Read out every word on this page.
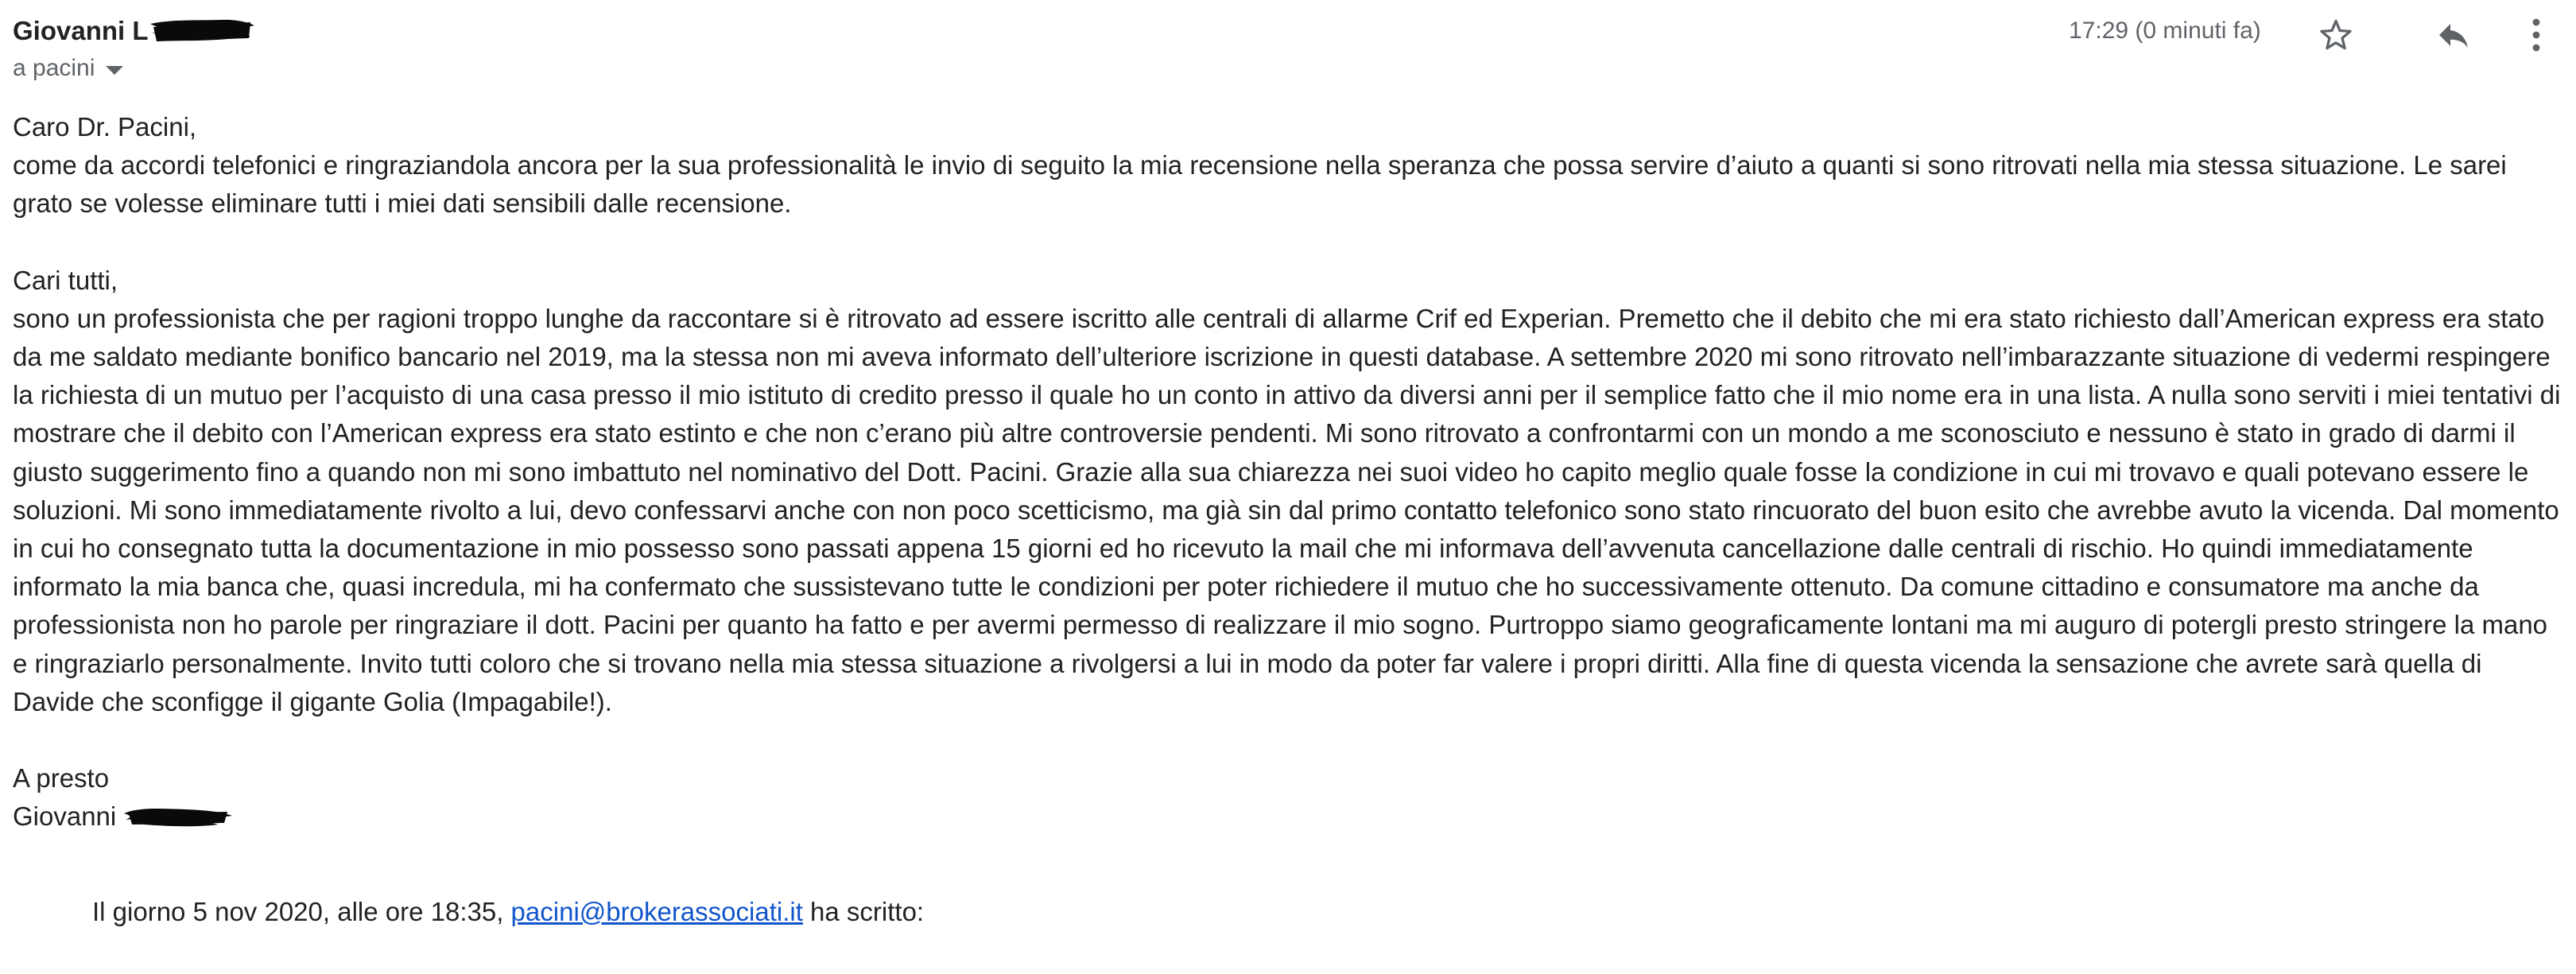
Giovanni L
a pacini
17:29 (0 minuti fa)

Caro Dr. Pacini,

come da accordi telefonici e ringraziandola ancora per la sua professionalità le invio di seguito la mia recensione nella speranza che possa servire d’aiuto a quanti si sono ritrovati nella mia stessa situazione. Le sarei grato se volesse eliminare tutti i miei dati sensibili dalle recensione.

Cari tutti,

sono un professionista che per ragioni troppo lunghe da raccontare si è ritrovato ad essere iscritto alle centrali di allarme Crif ed Experian. Premetto che il debito che mi era stato richiesto dall’American express era stato da me saldato mediante bonifico bancario nel 2019, ma la stessa non mi aveva informato dell’ulteriore iscrizione in questi database. A settembre 2020 mi sono ritrovato nell’imbarazzante situazione di vedermi respingere la richiesta di un mutuo per l’acquisto di una casa presso il mio istituto di credito presso il quale ho un conto in attivo da diversi anni per il semplice fatto che il mio nome era in una lista. A nulla sono serviti i miei tentativi di mostrare che il debito con l’American express era stato estinto e che non c’erano più altre controversie pendenti. Mi sono ritrovato a confrontarmi con un mondo a me sconosciuto e nessuno è stato in grado di darmi il giusto suggerimento fino a quando non mi sono imbattuto nel nominativo del Dott. Pacini. Grazie alla sua chiarezza nei suoi video ho capito meglio quale fosse la condizione in cui mi trovavo e quali potevano essere le soluzioni. Mi sono immediatamente rivolto a lui, devo confessarvi anche con non poco scetticismo, ma già sin dal primo contatto telefonico sono stato rincuorato del buon esito che avrebbe avuto la vicenda. Dal momento in cui ho consegnato tutta la documentazione in mio possesso sono passati appena 15 giorni ed ho ricevuto la mail che mi informava dell’avvenuta cancellazione dalle centrali di rischio. Ho quindi immediatamente informato la mia banca che, quasi incredula, mi ha confermato che sussistevano tutte le condizioni per poter richiedere il mutuo che ho successivamente ottenuto. Da comune cittadino e consumatore ma anche da professionista non ho parole per ringraziare il dott. Pacini per quanto ha fatto e per avermi permesso di realizzare il mio sogno. Purtroppo siamo geograficamente lontani ma mi auguro di potergli presto stringere la mano e ringraziarlo personalmente. Invito tutti coloro che si trovano nella mia stessa situazione a rivolgersi a lui in modo da poter far valere i propri diritti. Alla fine di questa vicenda la sensazione che avrete sarà quella di Davide che sconfigge il gigante Golia (Impagabile!).

A presto

Giovanni
Il giorno 5 nov 2020, alle ore 18:35, pacini@brokerassociati.it ha scritto:
